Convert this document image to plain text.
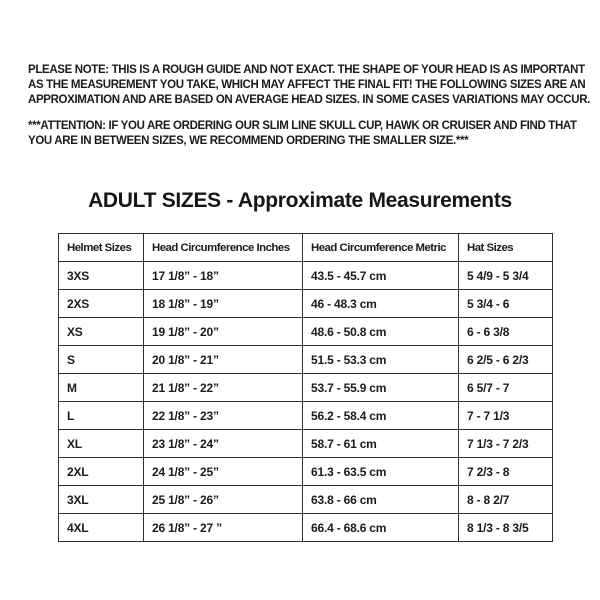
PLEASE NOTE: THIS IS A ROUGH GUIDE AND NOT EXACT. THE SHAPE OF YOUR HEAD IS AS IMPORTANT
AS THE MEASUREMENT YOU TAKE, WHICH MAY AFFECT THE FINAL FIT! THE FOLLOWING SIZES ARE AN
APPROXIMATION AND ARE BASED ON AVERAGE HEAD SIZES. IN SOME CASES VARIATIONS MAY OCCUR.

***ATTENTION: IF YOU ARE ORDERING OUR SLIM LINE SKULL CUP, HAWK OR CRUISER AND FIND THAT
YOU ARE IN BETWEEN SIZES, WE RECOMMEND ORDERING THE SMALLER SIZE.***

ADULT SIZES - Approximate Measurements
Helmet Sizes	Head Circumference Inches	Head Circumference Metric	Hat Sizes
3XS	17 1/8” - 18”	43.5 - 45.7 cm	5 4/9 - 5 3/4
2XS	18 1/8” - 19”	46 - 48.3 cm	5 3/4 - 6
XS	19 1/8” - 20”	48.6 - 50.8 cm	6 - 6 3/8
S	20 1/8” - 21”	51.5 - 53.3 cm	6 2/5 - 6 2/3
M	21 1/8” - 22”	53.7 - 55.9 cm	6 5/7 - 7
L	22 1/8” - 23”	56.2 - 58.4 cm	7 - 7 1/3
XL	23 1/8” - 24”	58.7 - 61 cm	7 1/3 - 7 2/3
2XL	24 1/8” - 25”	61.3 - 63.5 cm	7 2/3 - 8
3XL	25 1/8” - 26”	63.8 - 66 cm	8 - 8 2/7
4XL	26 1/8” - 27 ”	66.4 - 68.6 cm	8 1/3 - 8 3/5
